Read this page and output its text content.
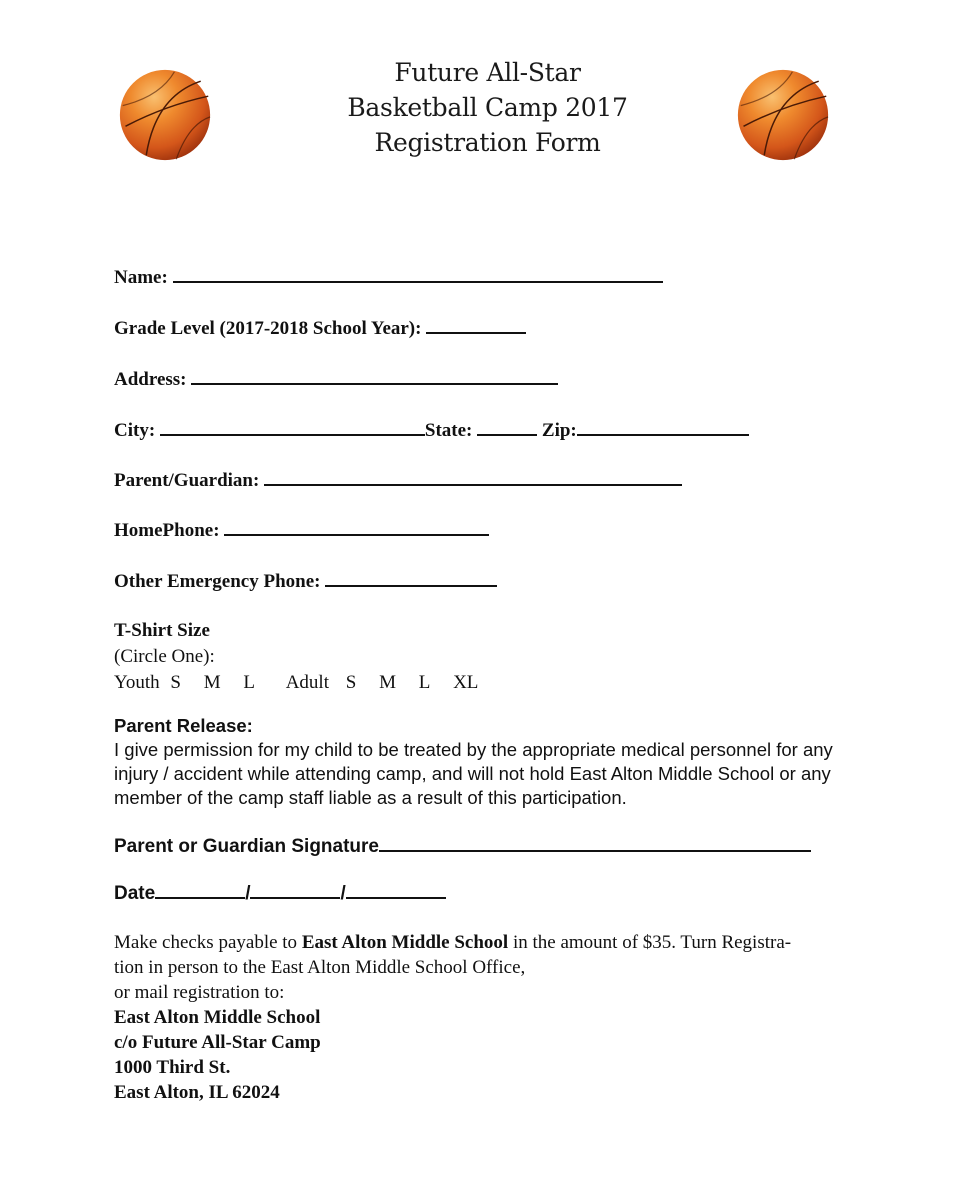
Future All-Star
Basketball Camp 2017
Registration Form
Name:
Grade Level (2017-2018 School Year):
Address:
City:	State:	Zip:
Parent/Guardian:
HomePhone:
Other Emergency Phone:
T-Shirt Size
(Circle One):
Youth S M L Adult S M L XL
Parent Release:
I give permission for my child to be treated by the appropriate medical personnel for any injury / accident while attending camp, and will not hold East Alton Middle School or any member of the camp staff liable as a result of this participation.
Parent or Guardian Signature
Date	/	/
Make checks payable to East Alton Middle School in the amount of $35. Turn Registra-
tion in person to the East Alton Middle School Office,
or mail registration to:
East Alton Middle School
c/o Future All-Star Camp
1000 Third St.
East Alton, IL 62024
